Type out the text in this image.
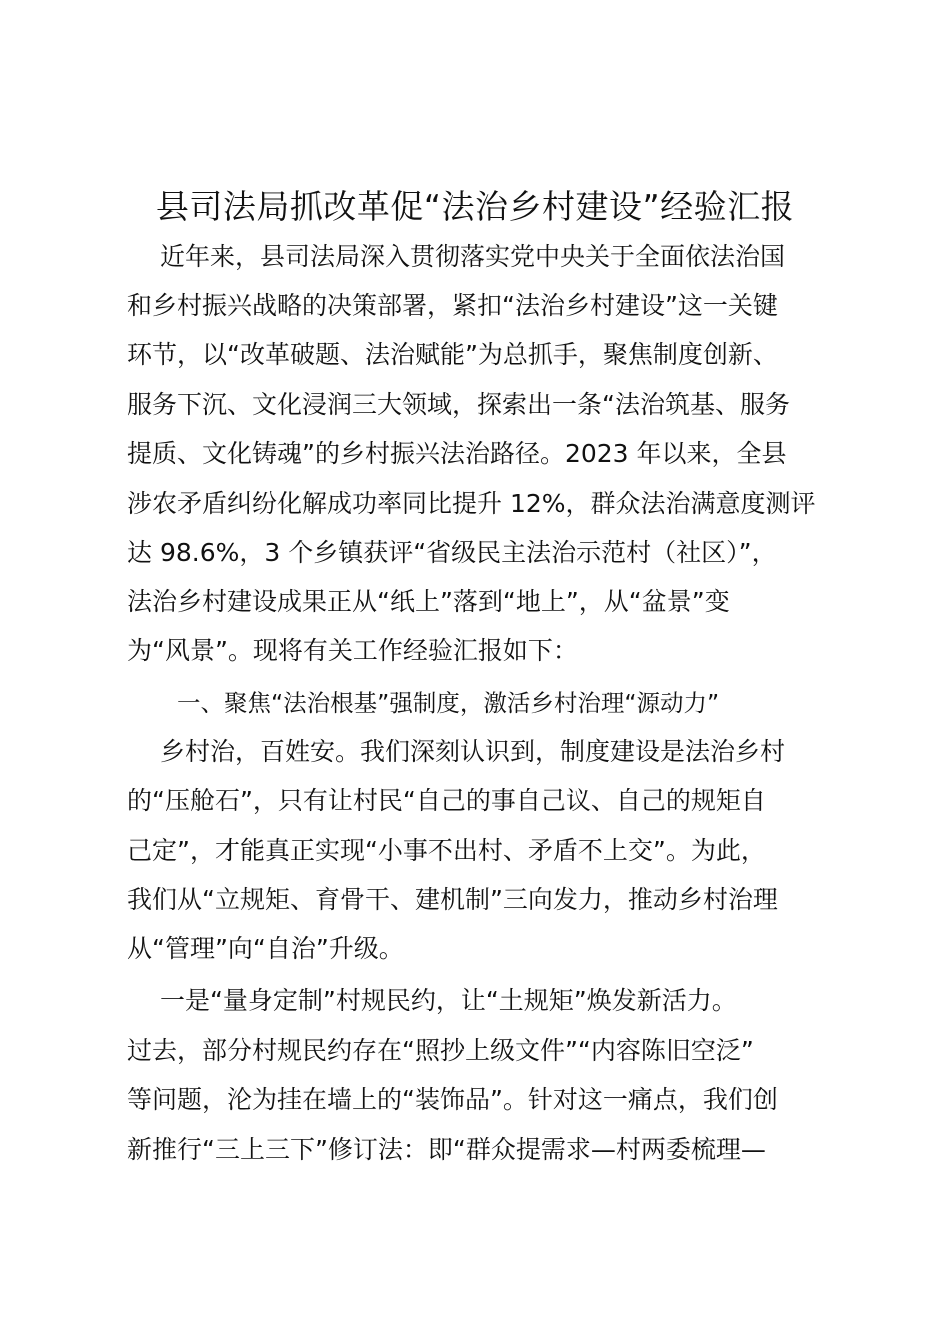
县司法局抓改革促“法治乡村建设”经验汇报
　 近年来，县司法局深入贯彻落实党中央关于全面依法治国
和乡村振兴战略的决策部署，紧扣“法治乡村建设”这一关键
环节，以“改革破题、法治赋能”为总抓手，聚焦制度创新、
服务下沉、文化浸润三大领域，探索出一条“法治筑基、服务
提质、文化铸魂”的乡村振兴法治路径。2023 年以来，全县
涉农矛盾纠纷化解成功率同比提升 12%，群众法治满意度测评
达 98.6%，3 个乡镇获评“省级民主法治示范村（社区）”，
法治乡村建设成果正从“纸上”落到“地上”，从“盆景”变
为“风景”。现将有关工作经验汇报如下：
一、聚焦“法治根基”强制度，激活乡村治理“源动力”
　 乡村治，百姓安。我们深刻认识到，制度建设是法治乡村
的“压舱石”，只有让村民“自己的事自己议、自己的规矩自
己定”，才能真正实现“小事不出村、矛盾不上交”。为此，
我们从“立规矩、育骨干、建机制”三向发力，推动乡村治理
从“管理”向“自治”升级。
　 一是“量身定制”村规民约，让“土规矩”焕发新活力。
过去，部分村规民约存在“照抄上级文件”“内容陈旧空泛”
等问题，沦为挂在墙上的“装饰品”。针对这一痛点，我们创
新推行“三上三下”修订法：即“群众提需求—村两委梳理—
